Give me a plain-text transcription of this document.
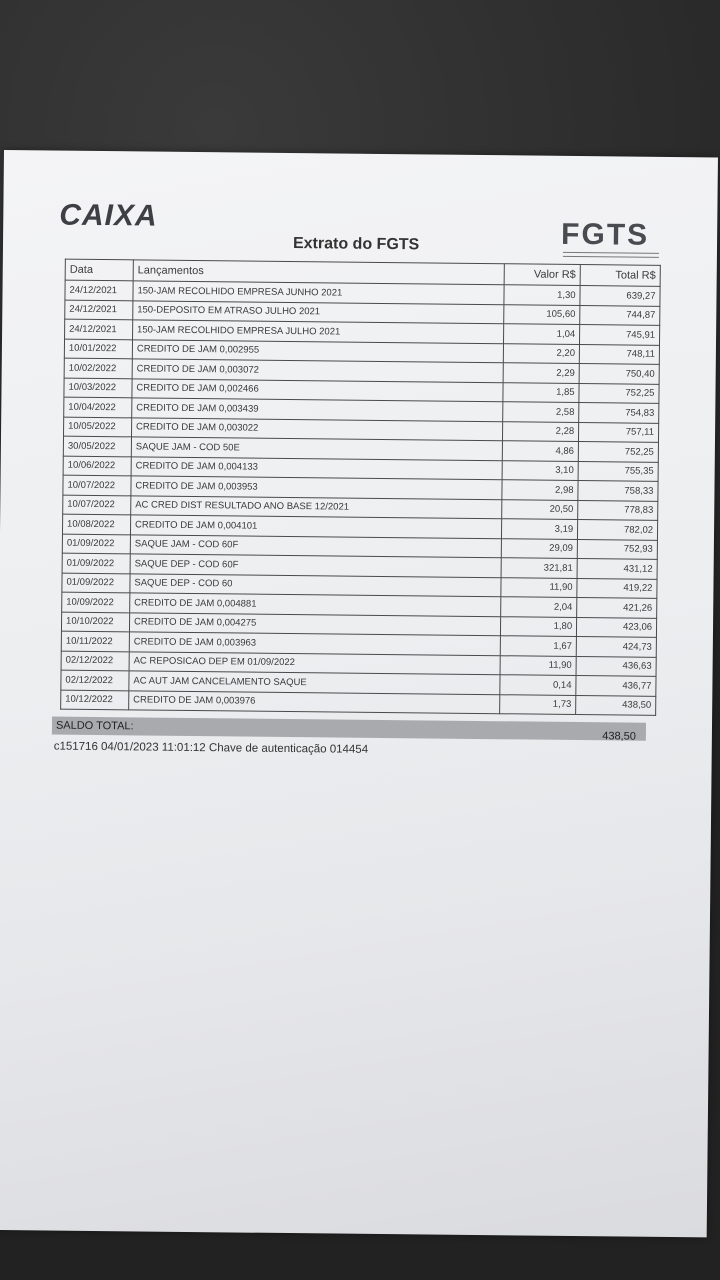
CAIXA
FGTS
Extrato do FGTS
Data	Lançamentos	Valor R$	Total R$
24/12/2021	150-JAM RECOLHIDO EMPRESA JUNHO 2021	1,30	639,27
24/12/2021	150-DEPOSITO EM ATRASO JULHO 2021	105,60	744,87
24/12/2021	150-JAM RECOLHIDO EMPRESA JULHO 2021	1,04	745,91
10/01/2022	CREDITO DE JAM 0,002955	2,20	748,11
10/02/2022	CREDITO DE JAM 0,003072	2,29	750,40
10/03/2022	CREDITO DE JAM 0,002466	1,85	752,25
10/04/2022	CREDITO DE JAM 0,003439	2,58	754,83
10/05/2022	CREDITO DE JAM 0,003022	2,28	757,11
30/05/2022	SAQUE JAM - COD 50E	4,86	752,25
10/06/2022	CREDITO DE JAM 0,004133	3,10	755,35
10/07/2022	CREDITO DE JAM 0,003953	2,98	758,33
10/07/2022	AC CRED DIST RESULTADO ANO BASE 12/2021	20,50	778,83
10/08/2022	CREDITO DE JAM 0,004101	3,19	782,02
01/09/2022	SAQUE JAM - COD 60F	29,09	752,93
01/09/2022	SAQUE DEP - COD 60F	321,81	431,12
01/09/2022	SAQUE DEP - COD 60	11,90	419,22
10/09/2022	CREDITO DE JAM 0,004881	2,04	421,26
10/10/2022	CREDITO DE JAM 0,004275	1,80	423,06
10/11/2022	CREDITO DE JAM 0,003963	1,67	424,73
02/12/2022	AC REPOSICAO DEP EM 01/09/2022	11,90	436,63
02/12/2022	AC AUT JAM CANCELAMENTO SAQUE	0,14	436,77
10/12/2022	CREDITO DE JAM 0,003976	1,73	438,50
SALDO TOTAL:
438,50
c151716 04/01/2023 11:01:12 Chave de autenticação 014454
